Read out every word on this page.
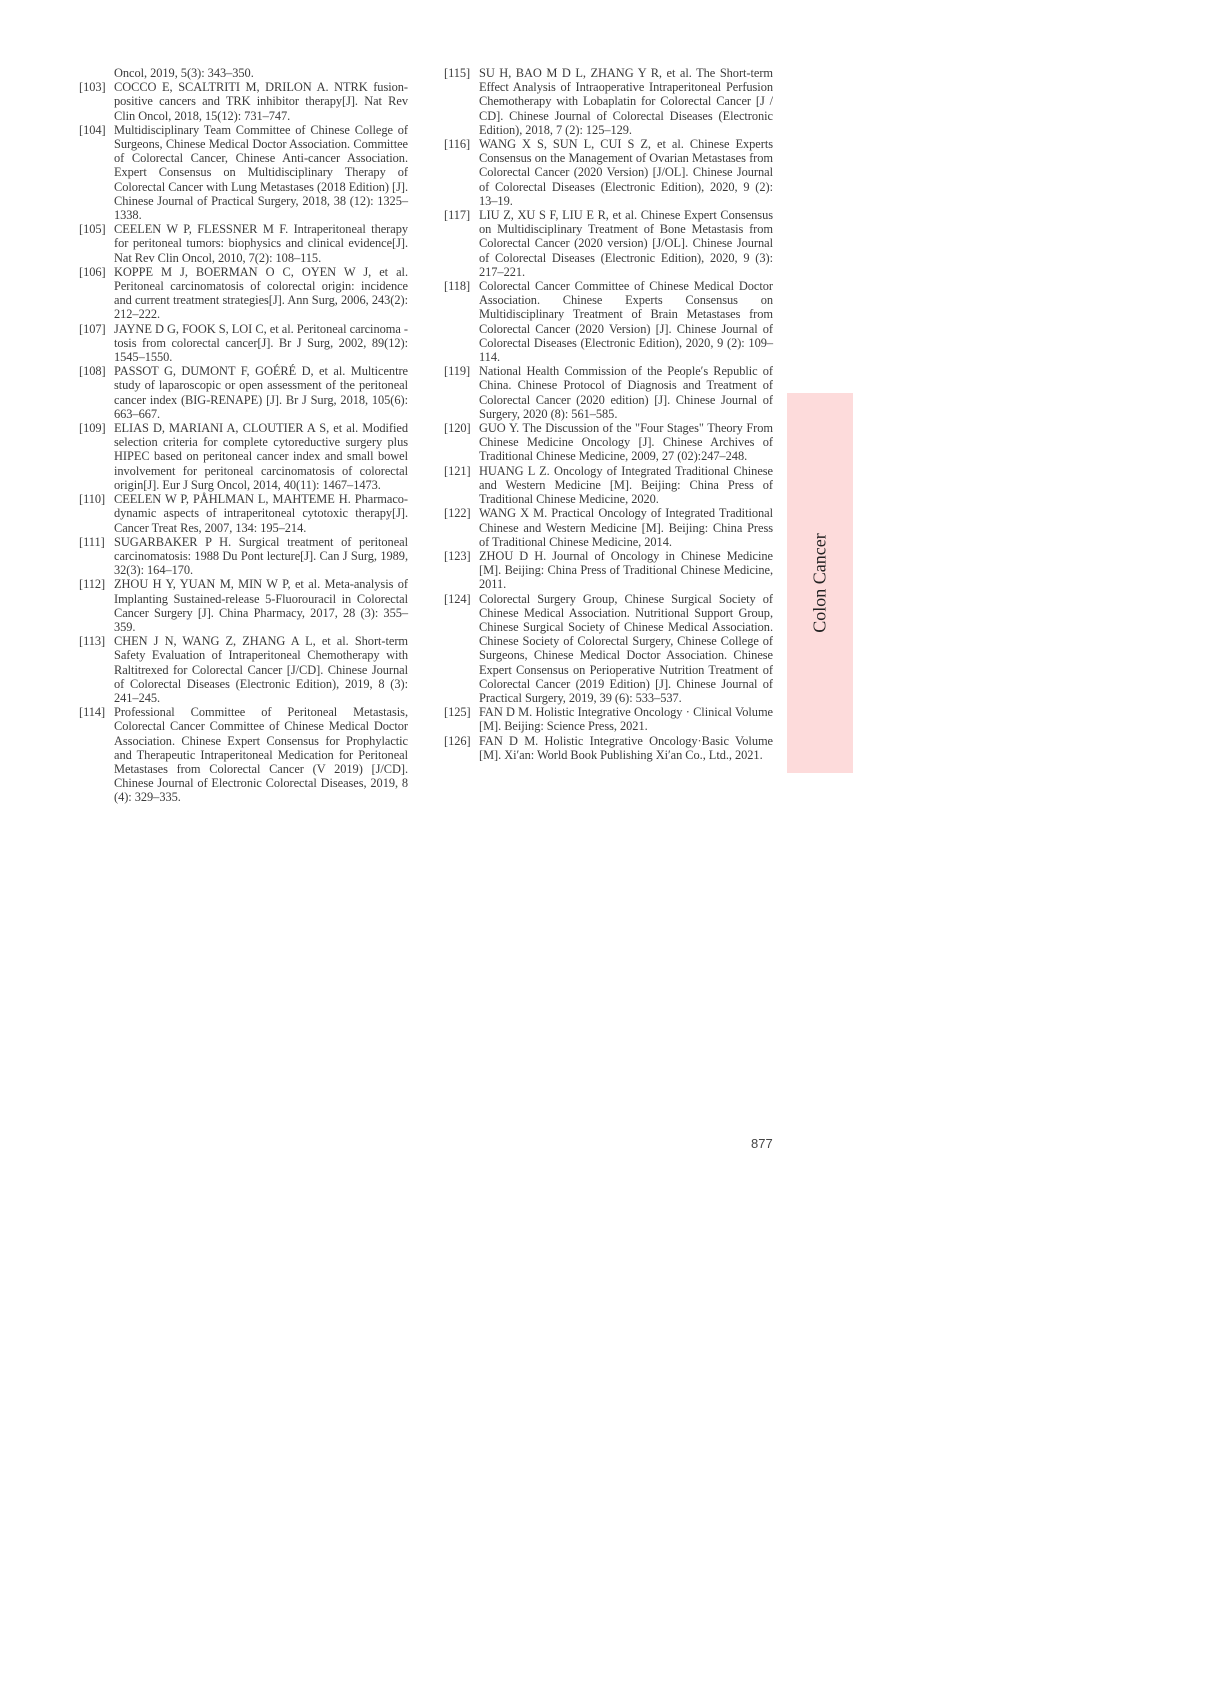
Oncol, 2019, 5(3): 343–350.

[103] COCCO E, SCALTRITI M, DRILON A. NTRK fusion-positive cancers and TRK inhibitor therapy[J]. Nat Rev Clin Oncol, 2018, 15(12): 731–747.

[104] Multidisciplinary Team Committee of Chinese College of Surgeons, Chinese Medical Doctor Association. Committee of Colorectal Cancer, Chinese Anti-cancer Association. Expert Consensus on Multidisciplinary Therapy of Colorectal Cancer with Lung Metastases (2018 Edition) [J]. Chinese Journal of Practical Surgery, 2018, 38 (12): 1325–1338.

[105] CEELEN W P, FLESSNER M F. Intraperitoneal therapy for peritoneal tumors: biophysics and clinical evidence[J]. Nat Rev Clin Oncol, 2010, 7(2): 108–115.

[106] KOPPE M J, BOERMAN O C, OYEN W J, et al. Peritoneal carcinomatosis of colorectal origin: incidence and current treatment strategies[J]. Ann Surg, 2006, 243(2): 212–222.

[107] JAYNE D G, FOOK S, LOI C, et al. Peritoneal carcinoma - tosis from colorectal cancer[J]. Br J Surg, 2002, 89(12): 1545–1550.

[108] PASSOT G, DUMONT F, GOÉRÉ D, et al. Multicentre study of laparoscopic or open assessment of the peritoneal cancer index (BIG-RENAPE) [J]. Br J Surg, 2018, 105(6): 663–667.

[109] ELIAS D, MARIANI A, CLOUTIER A S, et al. Modified selection criteria for complete cytoreductive surgery plus HIPEC based on peritoneal cancer index and small bowel involvement for peritoneal carcinomatosis of colorectal origin[J]. Eur J Surg Oncol, 2014, 40(11): 1467–1473.

[110] CEELEN W P, PÅHLMAN L, MAHTEME H. Pharmaco-dynamic aspects of intraperitoneal cytotoxic therapy[J]. Cancer Treat Res, 2007, 134: 195–214.

[111] SUGARBAKER P H. Surgical treatment of peritoneal carcinomatosis: 1988 Du Pont lecture[J]. Can J Surg, 1989, 32(3): 164–170.

[112] ZHOU H Y, YUAN M, MIN W P, et al. Meta-analysis of Implanting Sustained-release 5-Fluorouracil in Colorectal Cancer Surgery [J]. China Pharmacy, 2017, 28 (3): 355–359.

[113] CHEN J N, WANG Z, ZHANG A L, et al. Short-term Safety Evaluation of Intraperitoneal Chemotherapy with Raltitrexed for Colorectal Cancer [J/CD]. Chinese Journal of Colorectal Diseases (Electronic Edition), 2019, 8 (3): 241–245.

[114] Professional Committee of Peritoneal Metastasis, Colorectal Cancer Committee of Chinese Medical Doctor Association. Chinese Expert Consensus for Prophylactic and Therapeutic Intraperitoneal Medication for Peritoneal Metastases from Colorectal Cancer (V 2019) [J/CD]. Chinese Journal of Electronic Colorectal Diseases, 2019, 8 (4): 329–335.

[115] SU H, BAO M D L, ZHANG Y R, et al. The Short-term Effect Analysis of Intraoperative Intraperitoneal Perfusion Chemotherapy with Lobaplatin for Colorectal Cancer [J / CD]. Chinese Journal of Colorectal Diseases (Electronic Edition), 2018, 7 (2): 125–129.

[116] WANG X S, SUN L, CUI S Z, et al. Chinese Experts Consensus on the Management of Ovarian Metastases from Colorectal Cancer (2020 Version) [J/OL]. Chinese Journal of Colorectal Diseases (Electronic Edition), 2020, 9 (2): 13–19.

[117] LIU Z, XU S F, LIU E R, et al. Chinese Expert Consensus on Multidisciplinary Treatment of Bone Metastasis from Colorectal Cancer (2020 version) [J/OL]. Chinese Journal of Colorectal Diseases (Electronic Edition), 2020, 9 (3): 217–221.

[118] Colorectal Cancer Committee of Chinese Medical Doctor Association. Chinese Experts Consensus on Multidisciplinary Treatment of Brain Metastases from Colorectal Cancer (2020 Version) [J]. Chinese Journal of Colorectal Diseases (Electronic Edition), 2020, 9 (2): 109–114.

[119] National Health Commission of the People′s Republic of China. Chinese Protocol of Diagnosis and Treatment of Colorectal Cancer (2020 edition) [J]. Chinese Journal of Surgery, 2020 (8): 561–585.

[120] GUO Y. The Discussion of the "Four Stages" Theory From Chinese Medicine Oncology [J]. Chinese Archives of Traditional Chinese Medicine, 2009, 27 (02):247–248.

[121] HUANG L Z. Oncology of Integrated Traditional Chinese and Western Medicine [M]. Beijing: China Press of Traditional Chinese Medicine, 2020.

[122] WANG X M. Practical Oncology of Integrated Traditional Chinese and Western Medicine [M]. Beijing: China Press of Traditional Chinese Medicine, 2014.

[123] ZHOU D H. Journal of Oncology in Chinese Medicine [M]. Beijing: China Press of Traditional Chinese Medicine, 2011.

[124] Colorectal Surgery Group, Chinese Surgical Society of Chinese Medical Association. Nutritional Support Group, Chinese Surgical Society of Chinese Medical Association. Chinese Society of Colorectal Surgery, Chinese College of Surgeons, Chinese Medical Doctor Association. Chinese Expert Consensus on Perioperative Nutrition Treatment of Colorectal Cancer (2019 Edition) [J]. Chinese Journal of Practical Surgery, 2019, 39 (6): 533–537.

[125] FAN D M. Holistic Integrative Oncology · Clinical Volume [M]. Beijing: Science Press, 2021.

[126] FAN D M. Holistic Integrative Oncology·Basic Volume [M]. Xi′an: World Book Publishing Xi′an Co., Ltd., 2021.

Colon Cancer
877
